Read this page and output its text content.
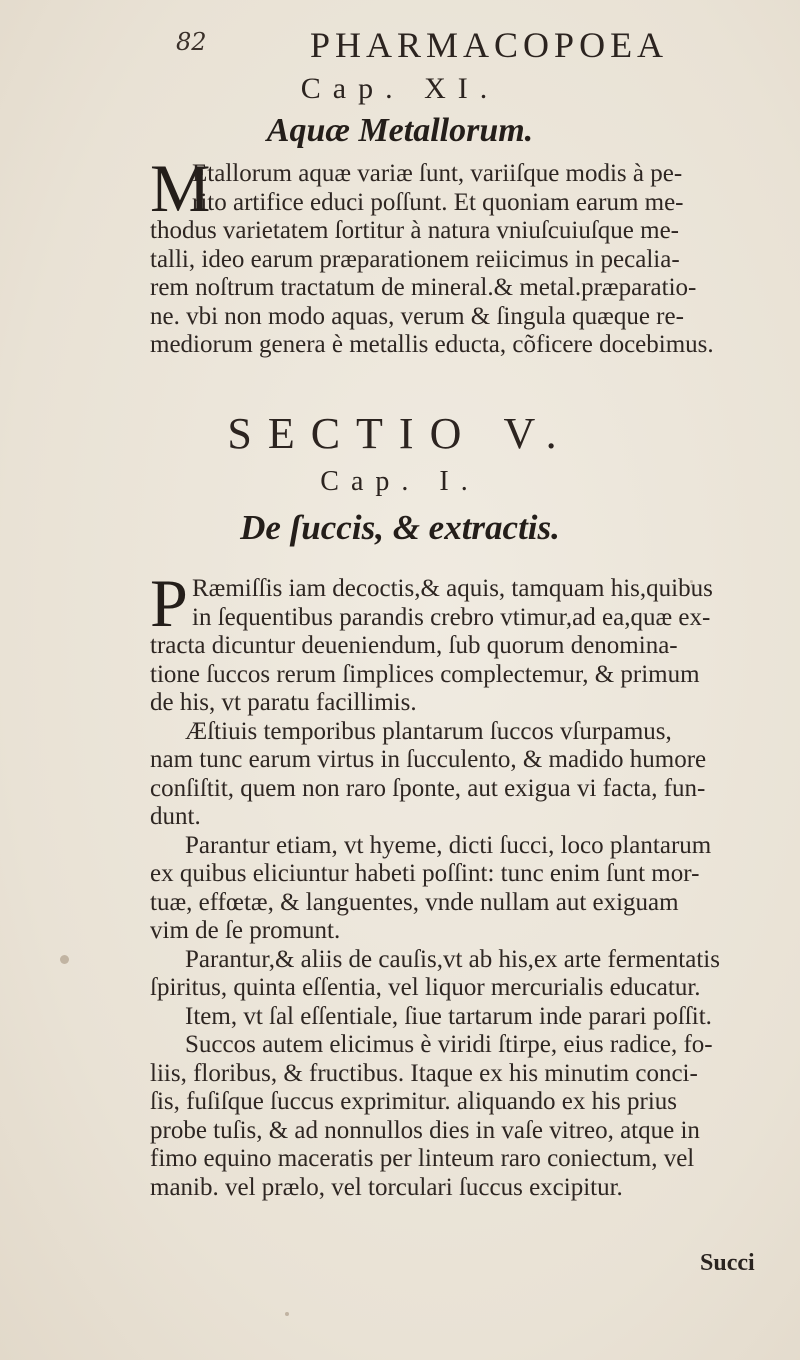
82	PHARMACOPOEA
Cap. XI.
Aquæ Metallorum.
M
Etallorum aquæ variæ ſunt, variiſque modis à pe-
rito artifice educi poſſunt. Et quoniam earum me-
thodus varietatem ſortitur à natura vniuſcuiuſque me-
talli, ideo earum præparationem reiicimus in pecalia-
rem noſtrum tractatum de mineral.& metal.præparatio-
ne. vbi non modo aquas, verum & ſingula quæque re-
mediorum genera è metallis educta, cõficere docebimus.
SECTIO V.
Cap. I.
De ſuccis, & extractis.
P Ræmiſſis iam decoctis,& aquis, tamquam his,quibus
in ſequentibus parandis crebro vtimur,ad ea,quæ ex-
tracta dicuntur deueniendum, ſub quorum denomina-
tione ſuccos rerum ſimplices complectemur, & primum
de his, vt paratu facillimis.
Æſtiuis temporibus plantarum ſuccos vſurpamus,
nam tunc earum virtus in ſucculento, & madido humore
conſiſtit, quem non raro ſponte, aut exigua vi facta, fun-
dunt.
Parantur etiam, vt hyeme, dicti ſucci, loco plantarum
ex quibus eliciuntur habeti poſſint: tunc enim ſunt mor-
tuæ, effœtæ, & languentes, vnde nullam aut exiguam
vim de ſe promunt.
Parantur,& aliis de cauſis,vt ab his,ex arte fermentatis
ſpiritus, quinta eſſentia, vel liquor mercurialis educatur.
Item, vt ſal eſſentiale, ſiue tartarum inde parari poſſit.
Succos autem elicimus è viridi ſtirpe, eius radice, fo-
liis, floribus, & fructibus. Itaque ex his minutim conci-
ſis, fuſiſque ſuccus exprimitur. aliquando ex his prius
probe tuſis, & ad nonnullos dies in vaſe vitreo, atque in
fimo equino maceratis per linteum raro coniectum, vel
manib. vel prælo, vel torculari ſuccus excipitur.
Succi
